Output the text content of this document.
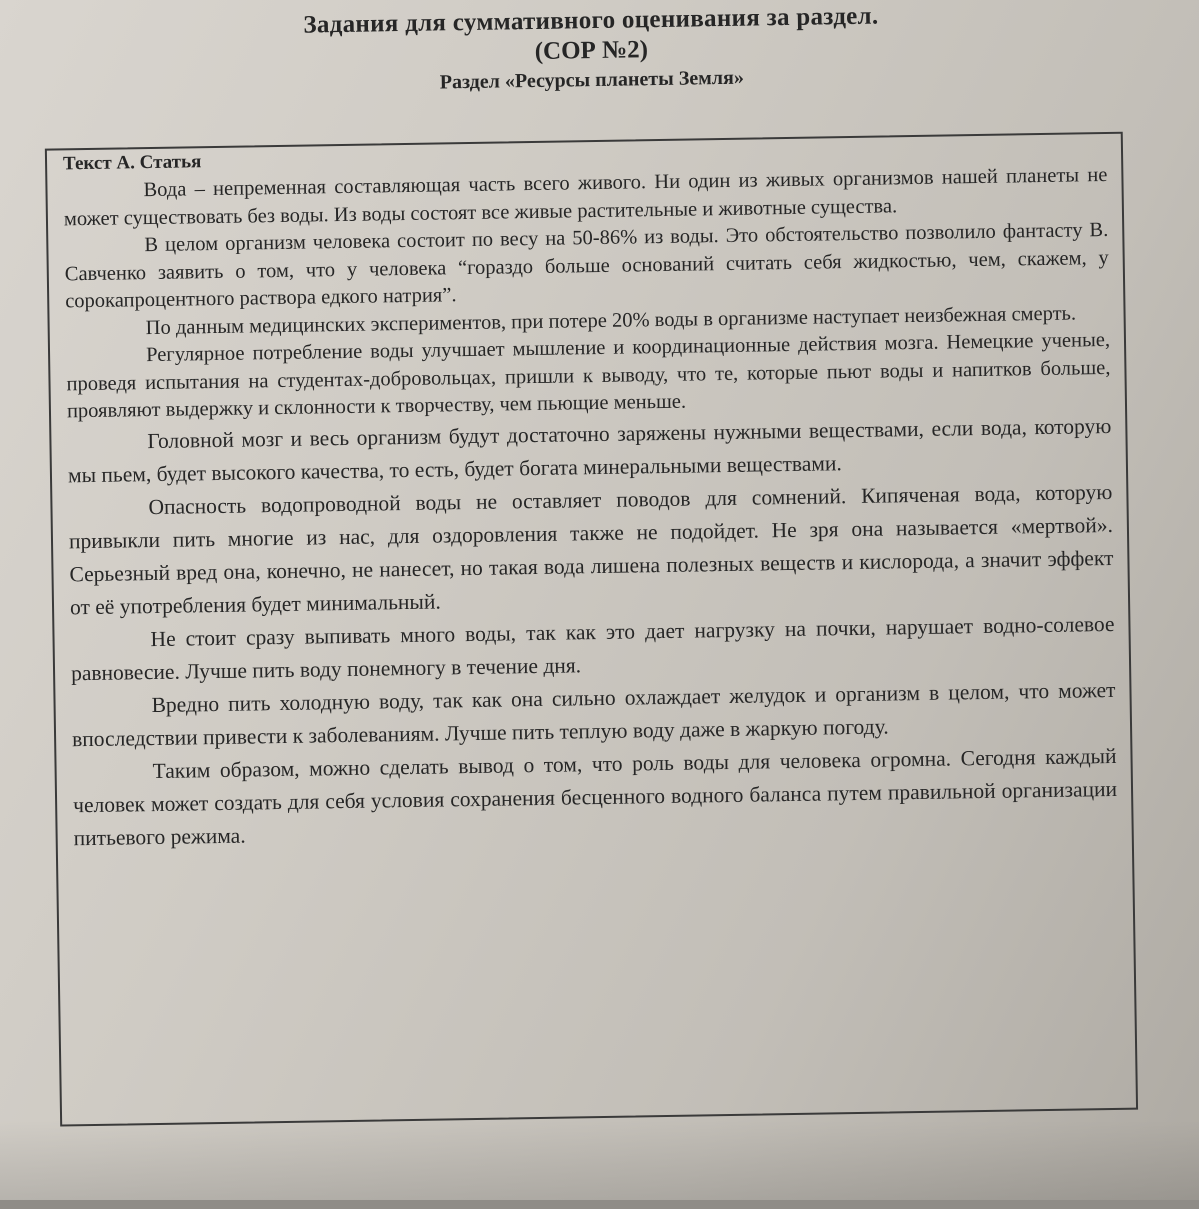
Задания для суммативного оценивания за раздел.
(СОР №2)
Раздел «Ресурсы планеты Земля»
Текст А. Статья

Вода – непременная составляющая часть всего живого. Ни один из живых организмов нашей планеты не может существовать без воды. Из воды состоят все живые растительные и животные существа.

В целом организм человека состоит по весу на 50-86% из воды. Это обстоятельство позволило фантасту В. Савченко заявить о том, что у человека “гораздо больше оснований считать себя жидкостью, чем, скажем, у сорокапроцентного раствора едкого натрия”.

По данным медицинских экспериментов, при потере 20% воды в организме наступает неизбежная смерть.

Регулярное потребление воды улучшает мышление и координационные действия мозга. Немецкие ученые, проведя испытания на студентах-добровольцах, пришли к выводу, что те, которые пьют воды и напитков больше, проявляют выдержку и склонности к творчеству, чем пьющие меньше.

Головной мозг и весь организм будут достаточно заряжены нужными веществами, если вода, которую мы пьем, будет высокого качества, то есть, будет богата минеральными веществами.

Опасность водопроводной воды не оставляет поводов для сомнений. Кипяченая вода, которую привыкли пить многие из нас, для оздоровления также не подойдет. Не зря она называется «мертвой». Серьезный вред она, конечно, не нанесет, но такая вода лишена полезных веществ и кислорода, а значит эффект от её употребления будет минимальный.

Не стоит сразу выпивать много воды, так как это дает нагрузку на почки, нарушает водно-солевое равновесие. Лучше пить воду понемногу в течение дня.

Вредно пить холодную воду, так как она сильно охлаждает желудок и организм в целом, что может впоследствии привести к заболеваниям. Лучше пить теплую воду даже в жаркую погоду.

Таким образом, можно сделать вывод о том, что роль воды для человека огромна. Сегодня каждый человек может создать для себя условия сохранения бесценного водного баланса путем правильной организации питьевого режима.
